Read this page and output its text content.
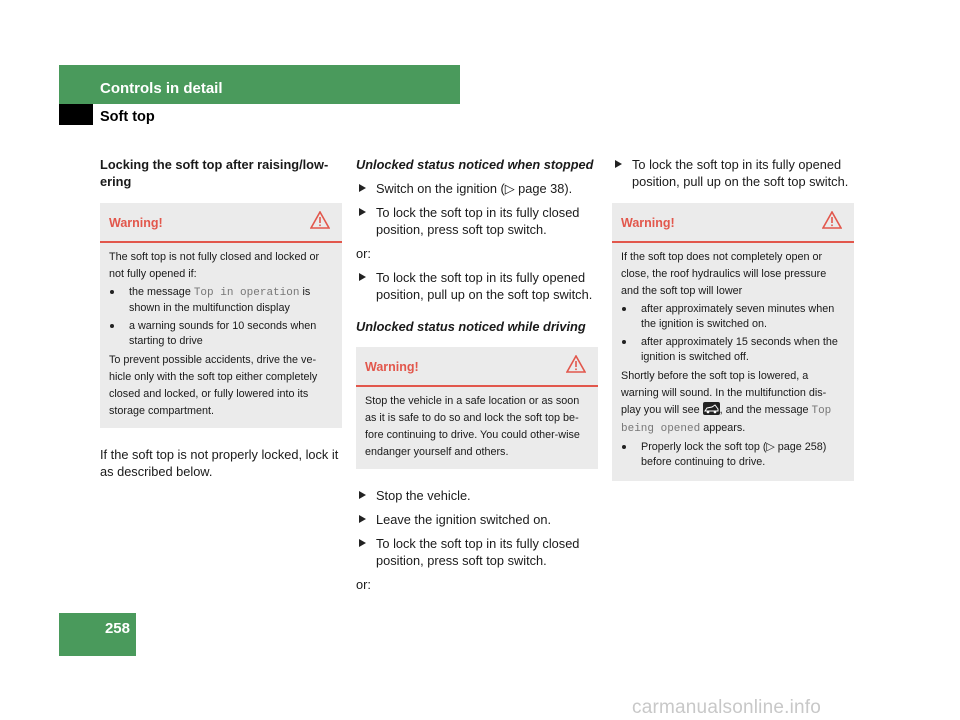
Controls in detail
Soft top

Locking the soft top after raising/low-ering

Warning!

The soft top is not fully closed and locked or not fully opened if:

the message Top in operation is shown in the multifunction display
a warning sounds for 10 seconds when starting to drive

To prevent possible accidents, drive the ve-hicle only with the soft top either completely closed and locked, or fully lowered into its storage compartment.

If the soft top is not properly locked, lock it as described below.

Unlocked status noticed when stopped

Switch on the ignition (▷ page 38).
To lock the soft top in its fully closed position, press soft top switch.

or:

To lock the soft top in its fully opened position, pull up on the soft top switch.

Unlocked status noticed while driving

Warning!

Stop the vehicle in a safe location or as soon as it is safe to do so and lock the soft top be-fore continuing to drive. You could other-wise endanger yourself and others.

Stop the vehicle.
Leave the ignition switched on.
To lock the soft top in its fully closed position, press soft top switch.

or:

To lock the soft top in its fully opened position, pull up on the soft top switch.
Warning!

If the soft top does not completely open or close, the roof hydraulics will lose pressure and the soft top will lower

after approximately seven minutes when the ignition is switched on.
after approximately 15 seconds when the ignition is switched off.

Shortly before the soft top is lowered, a warning will sound. In the multifunction dis-play you will see
, and the message Top being opened appears.

Properly lock the soft top (▷ page 258) before continuing to drive.
258
carmanualsonline.info
